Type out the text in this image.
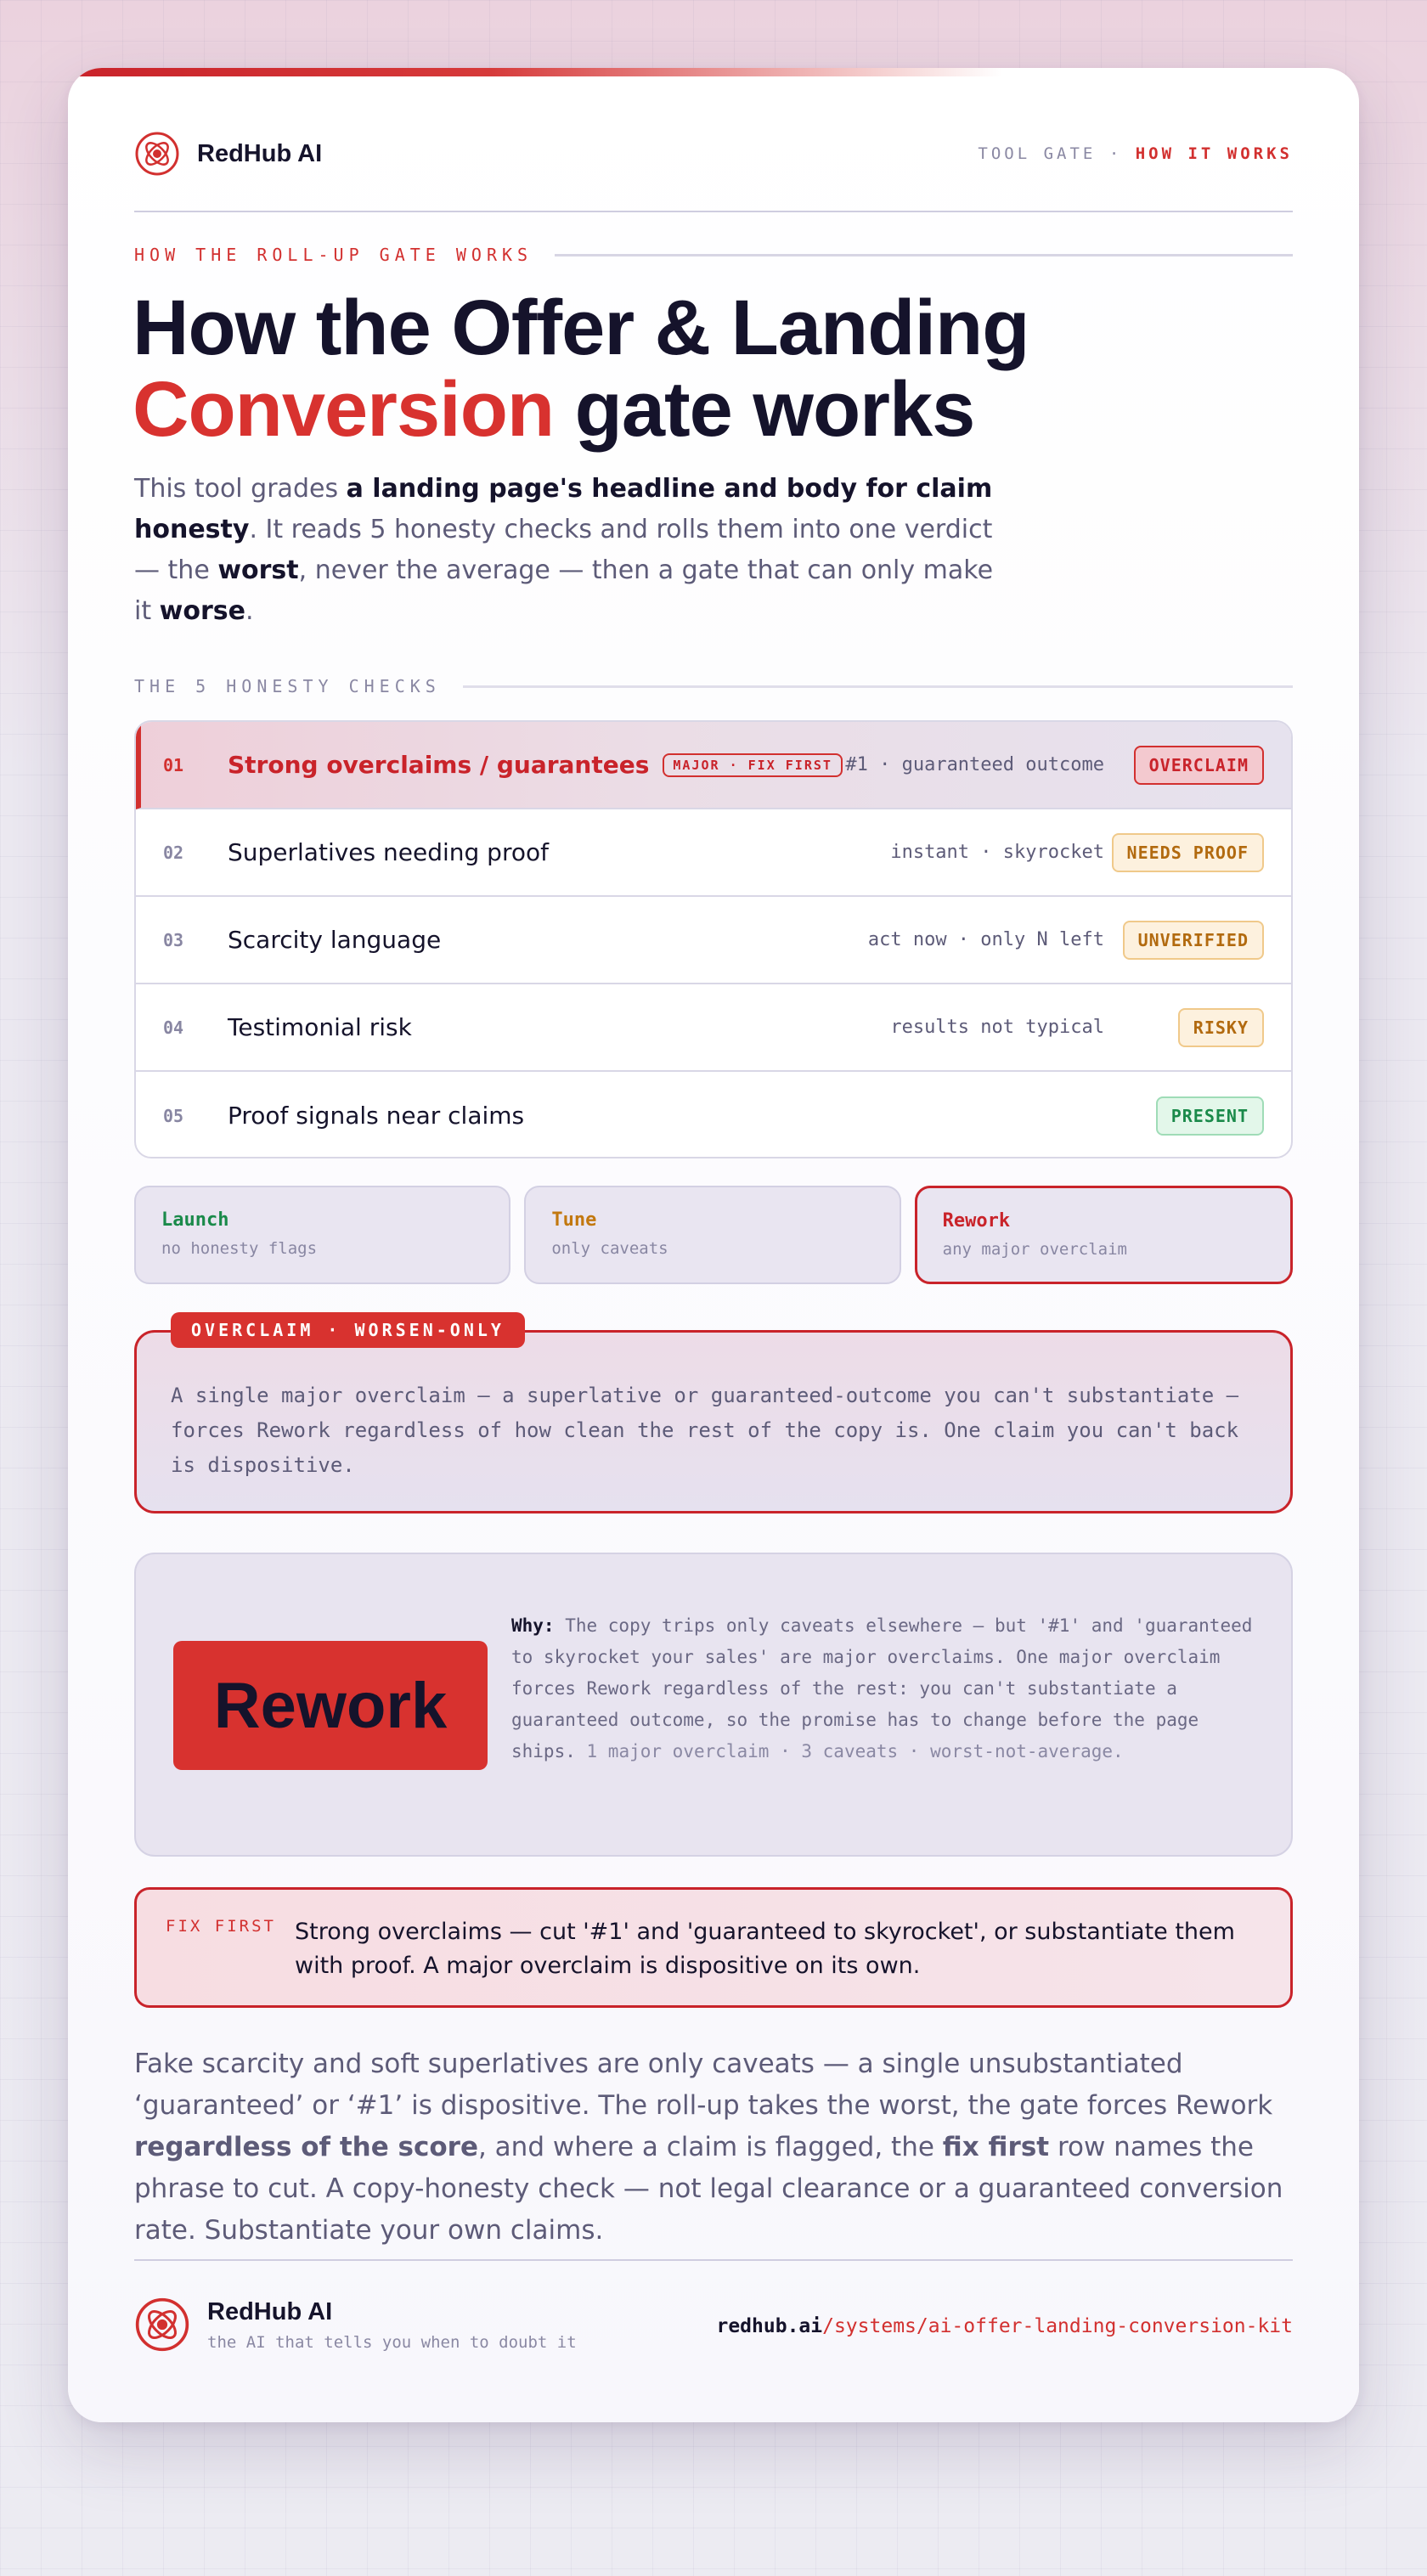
RedHub AI	TOOL GATE · HOW IT WORKS
HOW THE ROLL-UP GATE WORKS
How the Offer & Landing
Conversion gate works

This tool grades a landing page's headline and body for claim honesty. It reads 5 honesty checks and rolls them into one verdict — the worst, never the average — then a gate that can only make it worse.

THE 5 HONESTY CHECKS
01 Strong overclaims / guarantees	MAJOR · FIX FIRST #1 · guaranteed outcome	OVERCLAIM
02 Superlatives needing proof	instant · skyrocket	NEEDS PROOF
03 Scarcity language	act now · only N left	UNVERIFIED
04 Testimonial risk	results not typical	RISKY
05 Proof signals near claims	PRESENT
Launch
no honesty flags
Tune
only caveats
Rework
any major overclaim
OVERCLAIM · WORSEN-ONLY
A single major overclaim — a superlative or guaranteed-outcome you can't substantiate — forces Rework regardless of how clean the rest of the copy is. One claim you can't back is dispositive.
Rework
Why: The copy trips only caveats elsewhere — but '#1' and 'guaranteed to skyrocket your sales' are major overclaims. One major overclaim forces Rework regardless of the rest: you can't substantiate a guaranteed outcome, so the promise has to change before the page ships. 1 major overclaim · 3 caveats · worst-not-average.
FIX FIRST Strong overclaims — cut '#1' and 'guaranteed to skyrocket', or substantiate them with proof. A major overclaim is dispositive on its own.

Fake scarcity and soft superlatives are only caveats — a single unsubstantiated ‘guaranteed’ or ‘#1’ is dispositive. The roll-up takes the worst, the gate forces Rework regardless of the score, and where a claim is flagged, the fix first row names the phrase to cut. A copy-honesty check — not legal clearance or a guaranteed conversion rate. Substantiate your own claims.

RedHub AI
the AI that tells you when to doubt it
redhub.ai/systems/ai-offer-landing-conversion-kit
